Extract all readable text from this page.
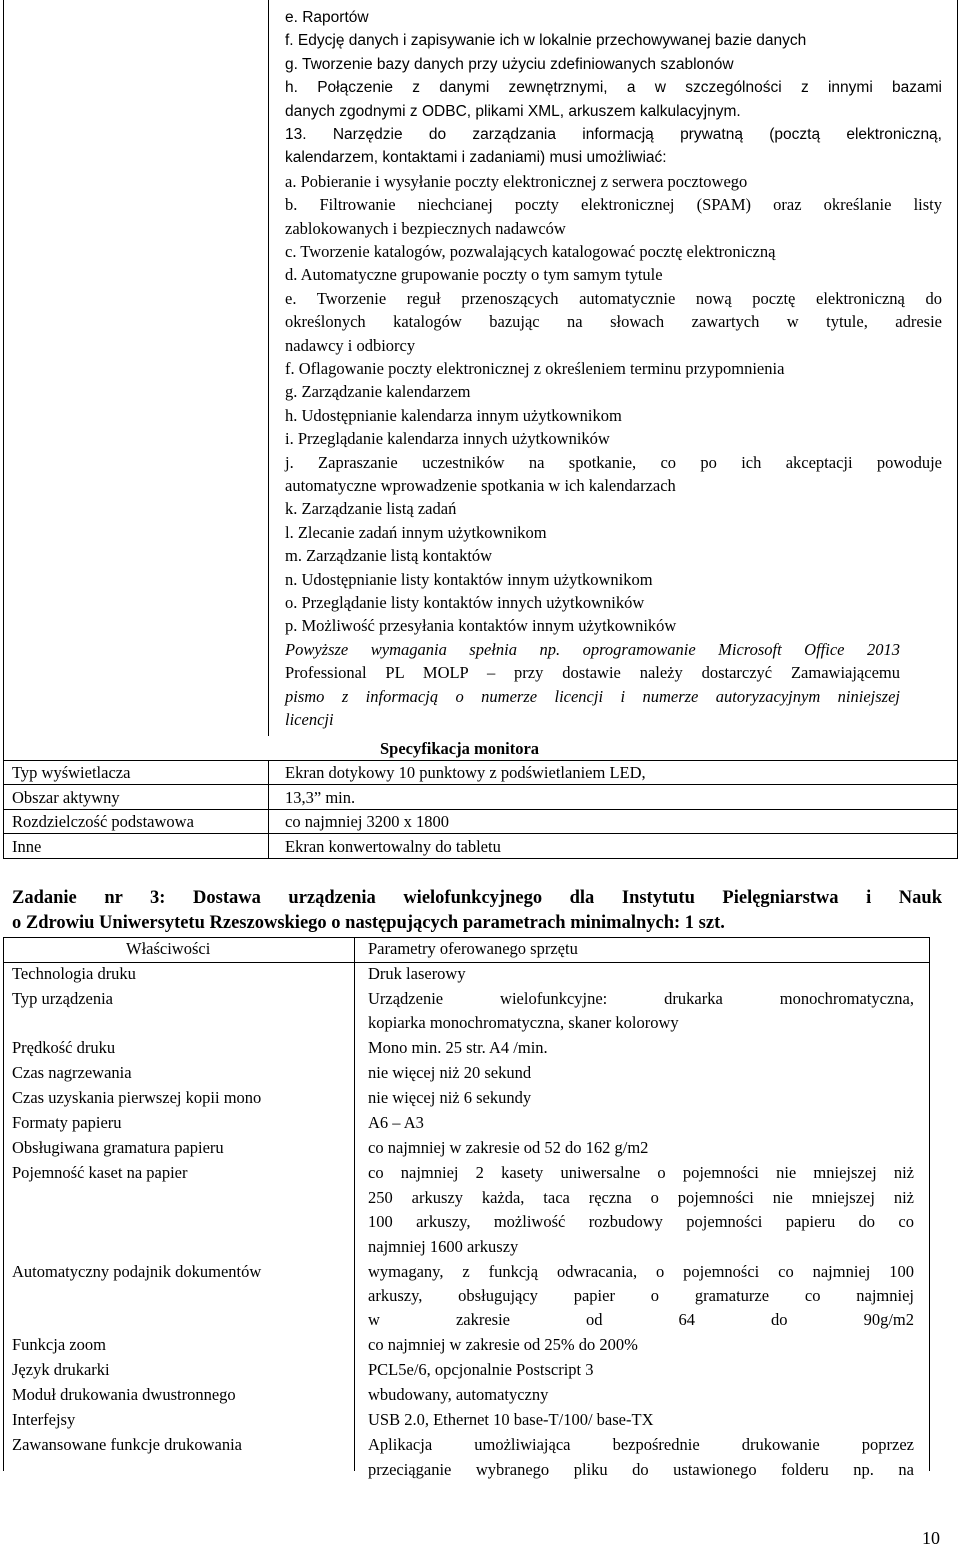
e. Raportów
f. Edycję danych i zapisywanie ich w lokalnie przechowywanej bazie danych
g. Tworzenie bazy danych przy użyciu zdefiniowanych szablonów
h. Połączenie z danymi zewnętrznymi, a w szczególności z innymi bazami
danych zgodnymi z ODBC, plikami XML, arkuszem kalkulacyjnym.
13. Narzędzie do zarządzania informacją prywatną (pocztą elektroniczną,
kalendarzem, kontaktami i zadaniami) musi umożliwiać:
a. Pobieranie i wysyłanie poczty elektronicznej z serwera pocztowego
b. Filtrowanie niechcianej poczty elektronicznej (SPAM) oraz określanie listy
zablokowanych i bezpiecznych nadawców
c. Tworzenie katalogów, pozwalających katalogować pocztę elektroniczną
d. Automatyczne grupowanie poczty o tym samym tytule
e. Tworzenie reguł przenoszących automatycznie nową pocztę elektroniczną do
określonych katalogów bazując na słowach zawartych w tytule, adresie
nadawcy i odbiorcy
f. Oflagowanie poczty elektronicznej z określeniem terminu przypomnienia
g. Zarządzanie kalendarzem
h. Udostępnianie kalendarza innym użytkownikom
i. Przeglądanie kalendarza innych użytkowników
j. Zapraszanie uczestników na spotkanie, co po ich akceptacji powoduje
automatyczne wprowadzenie spotkania w ich kalendarzach
k. Zarządzanie listą zadań
l. Zlecanie zadań innym użytkownikom
m. Zarządzanie listą kontaktów
n. Udostępnianie listy kontaktów innym użytkownikom
o. Przeglądanie listy kontaktów innych użytkowników
p. Możliwość przesyłania kontaktów innym użytkowników
Powyższe wymagania spełnia np. oprogramowanie Microsoft Office 2013
Professional PL MOLP – przy dostawie należy dostarczyć Zamawiającemu
pismo z informacją o numerze licencji i numerze autoryzacyjnym niniejszej
licencji
Specyfikacja monitora
Typ wyświetlacza	Ekran dotykowy 10 punktowy z podświetlaniem LED,
Obszar aktywny	13,3” min.
Rozdzielczość podstawowa	co najmniej 3200 x 1800
Inne	Ekran konwertowalny do tabletu
Zadanie nr 3: Dostawa urządzenia wielofunkcyjnego dla Instytutu Pielęgniarstwa i Nauk
o Zdrowiu Uniwersytetu Rzeszowskiego o następujących parametrach minimalnych: 1 szt.
Właściwości	Parametry oferowanego sprzętu
Technologia druku	Druk laserowy
Typ urządzenia	Urządzenie wielofunkcyjne: drukarka monochromatyczna,
kopiarka monochromatyczna, skaner kolorowy
Prędkość druku	Mono min. 25 str. A4 /min.
Czas nagrzewania	nie więcej niż 20 sekund
Czas uzyskania pierwszej kopii mono	nie więcej niż 6 sekundy
Formaty papieru	A6 – A3
Obsługiwana gramatura papieru	co najmniej w zakresie od 52 do 162 g/m2
Pojemność kaset na papier	co najmniej 2 kasety uniwersalne o pojemności nie mniejszej niż
250 arkuszy każda, taca ręczna o pojemności nie mniejszej niż
100 arkuszy, możliwość rozbudowy pojemności papieru do co
najmniej 1600 arkuszy
Automatyczny podajnik dokumentów	wymagany, z funkcją odwracania, o pojemności co najmniej 100
arkuszy, obsługujący papier o gramaturze co najmniej
w zakresie od 64 do 90g/m2
Funkcja zoom	co najmniej w zakresie od 25% do 200%
Język drukarki	PCL5e/6, opcjonalnie Postscript 3
Moduł drukowania dwustronnego	wbudowany, automatyczny
Interfejsy	USB 2.0, Ethernet 10 base-T/100/ base-TX
Zawansowane funkcje drukowania	Aplikacja umożliwiająca bezpośrednie drukowanie poprzez
przeciąganie wybranego pliku do ustawionego folderu np. na
10
